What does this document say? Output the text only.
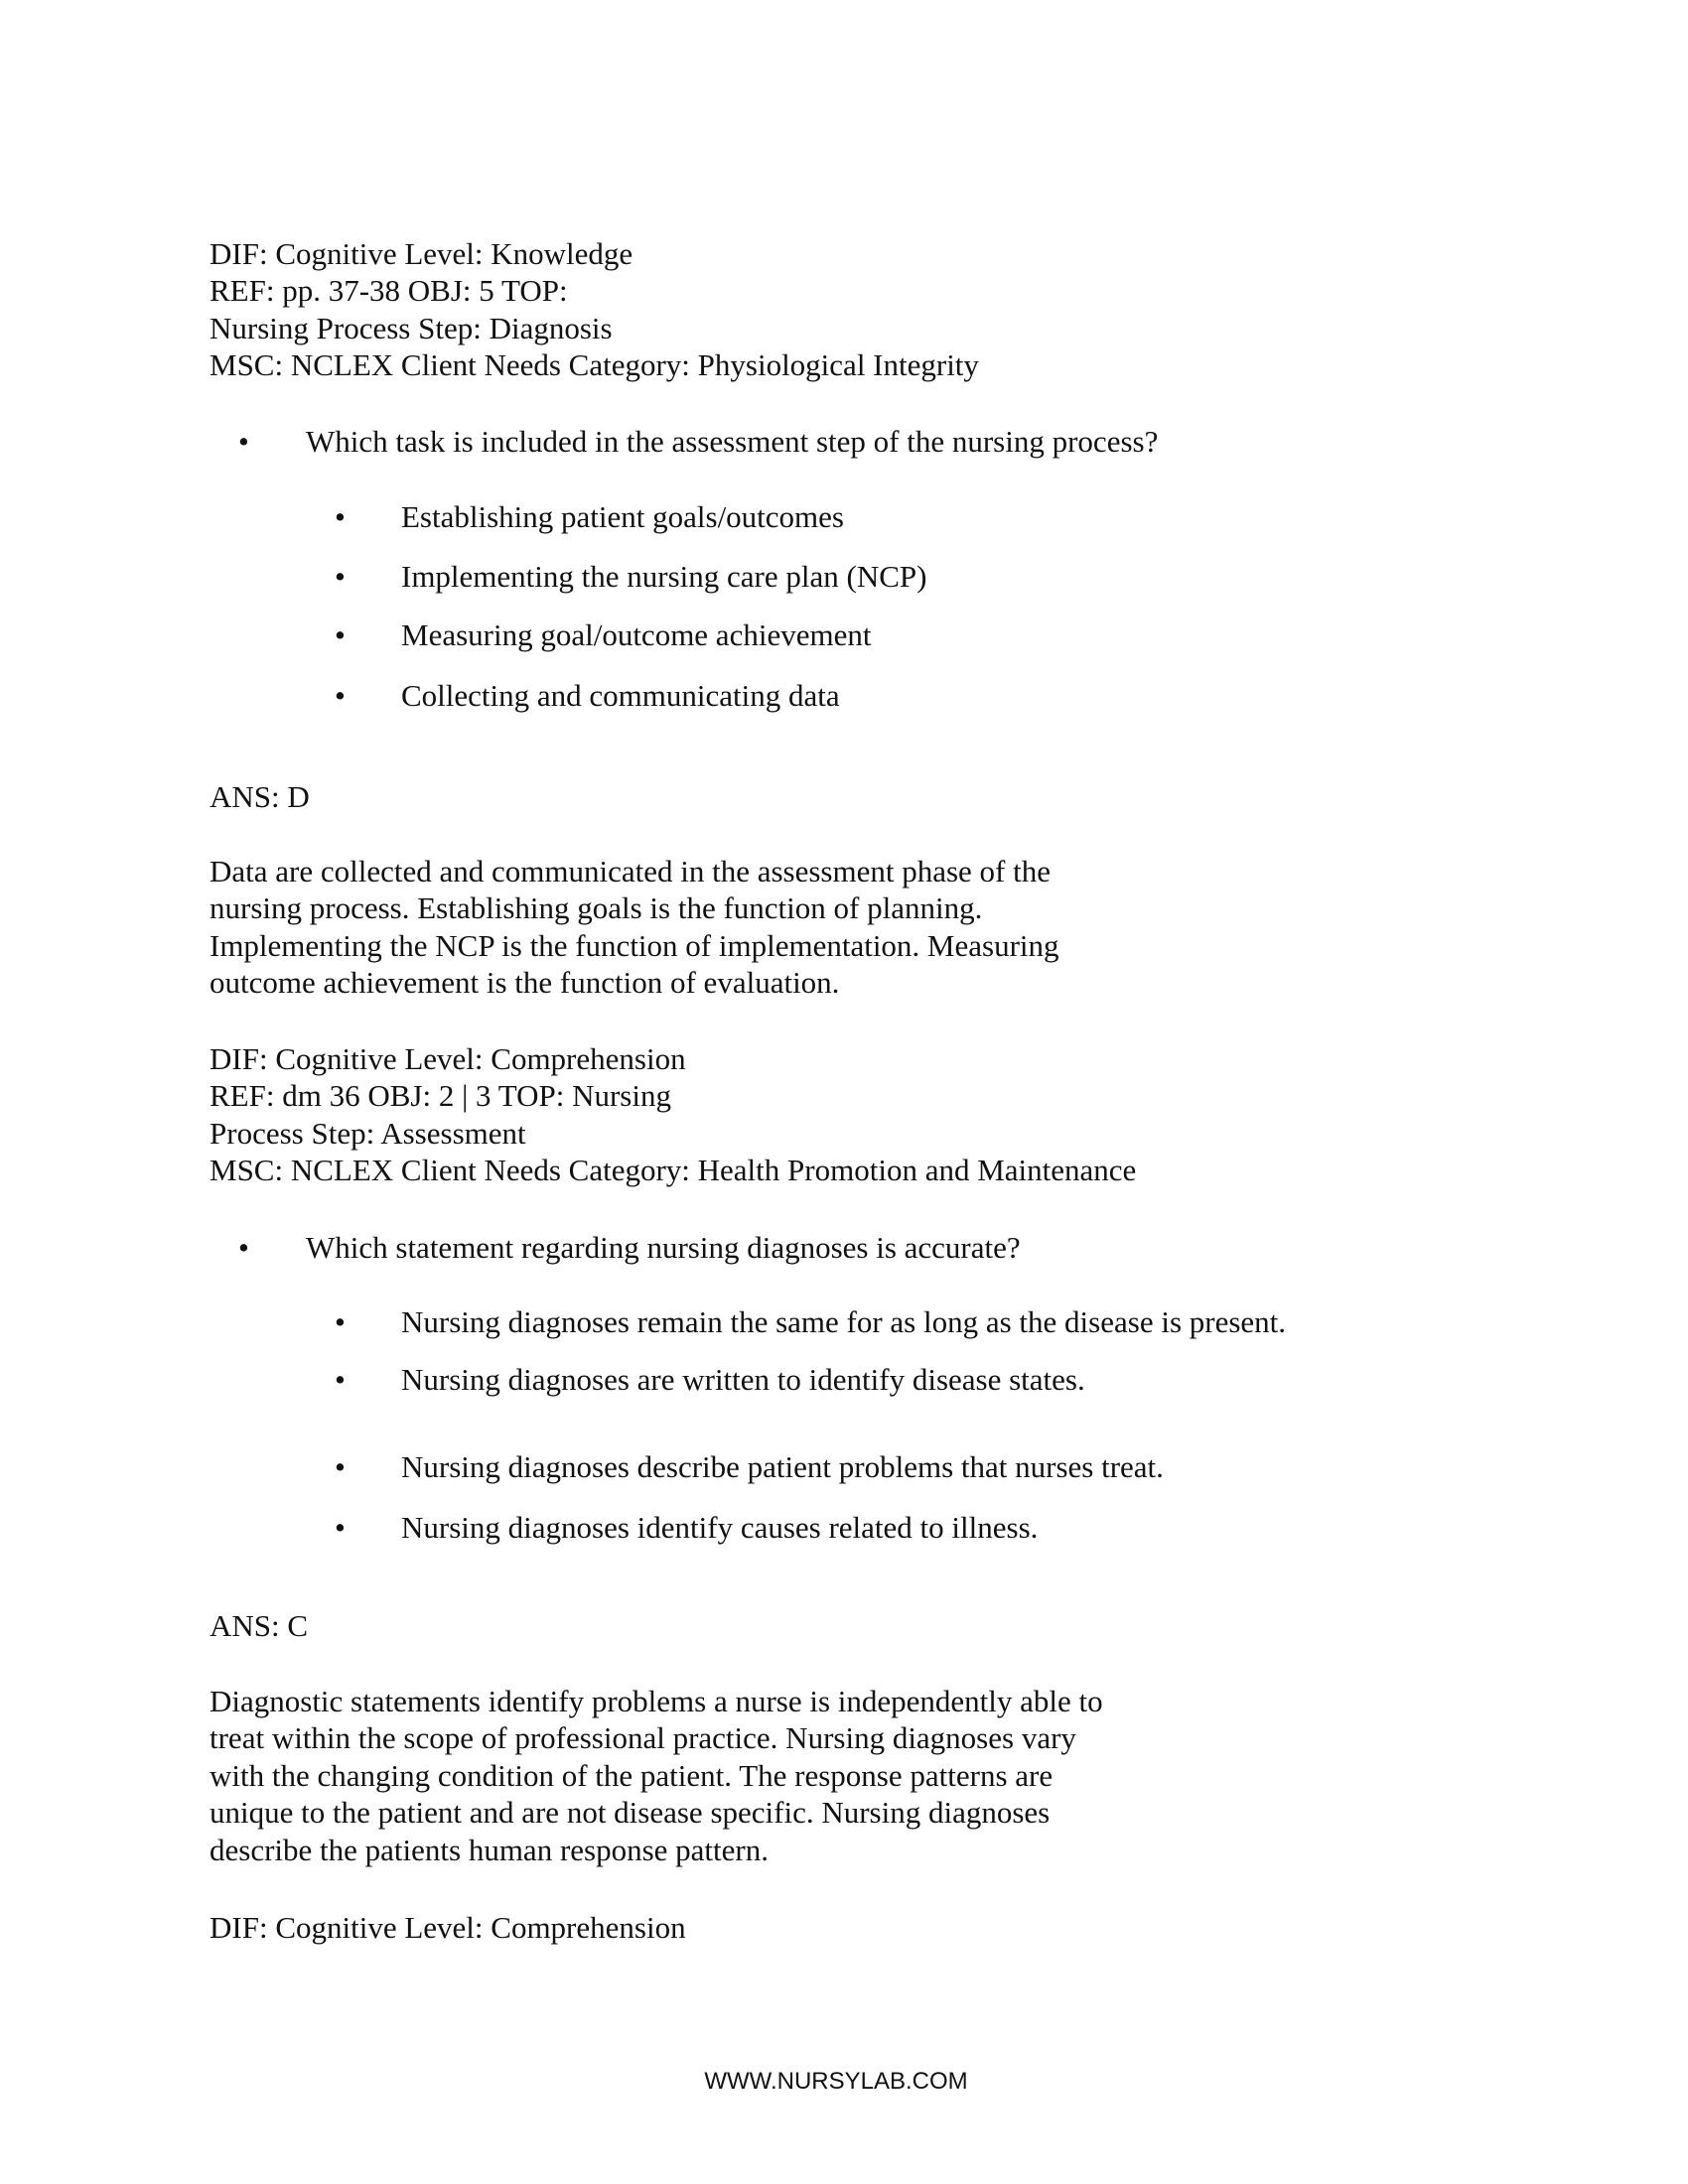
DIF: Cognitive Level: Knowledge
REF: pp. 37-38 OBJ: 5 TOP:
Nursing Process Step: Diagnosis
MSC: NCLEX Client Needs Category: Physiological Integrity
• Which task is included in the assessment step of the nursing process?
• Establishing patient goals/outcomes
• Implementing the nursing care plan (NCP)
• Measuring goal/outcome achievement
• Collecting and communicating data
ANS: D
Data are collected and communicated in the assessment phase of the
nursing process. Establishing goals is the function of planning.
Implementing the NCP is the function of implementation. Measuring
outcome achievement is the function of evaluation.
DIF: Cognitive Level: Comprehension
REF: dm 36 OBJ: 2 | 3 TOP: Nursing
Process Step: Assessment
MSC: NCLEX Client Needs Category: Health Promotion and Maintenance
• Which statement regarding nursing diagnoses is accurate?
• Nursing diagnoses remain the same for as long as the disease is present.
• Nursing diagnoses are written to identify disease states.
• Nursing diagnoses describe patient problems that nurses treat.
• Nursing diagnoses identify causes related to illness.
ANS: C
Diagnostic statements identify problems a nurse is independently able to
treat within the scope of professional practice. Nursing diagnoses vary
with the changing condition of the patient. The response patterns are
unique to the patient and are not disease specific. Nursing diagnoses
describe the patients human response pattern.
DIF: Cognitive Level: Comprehension
WWW.NURSYLAB.COM
